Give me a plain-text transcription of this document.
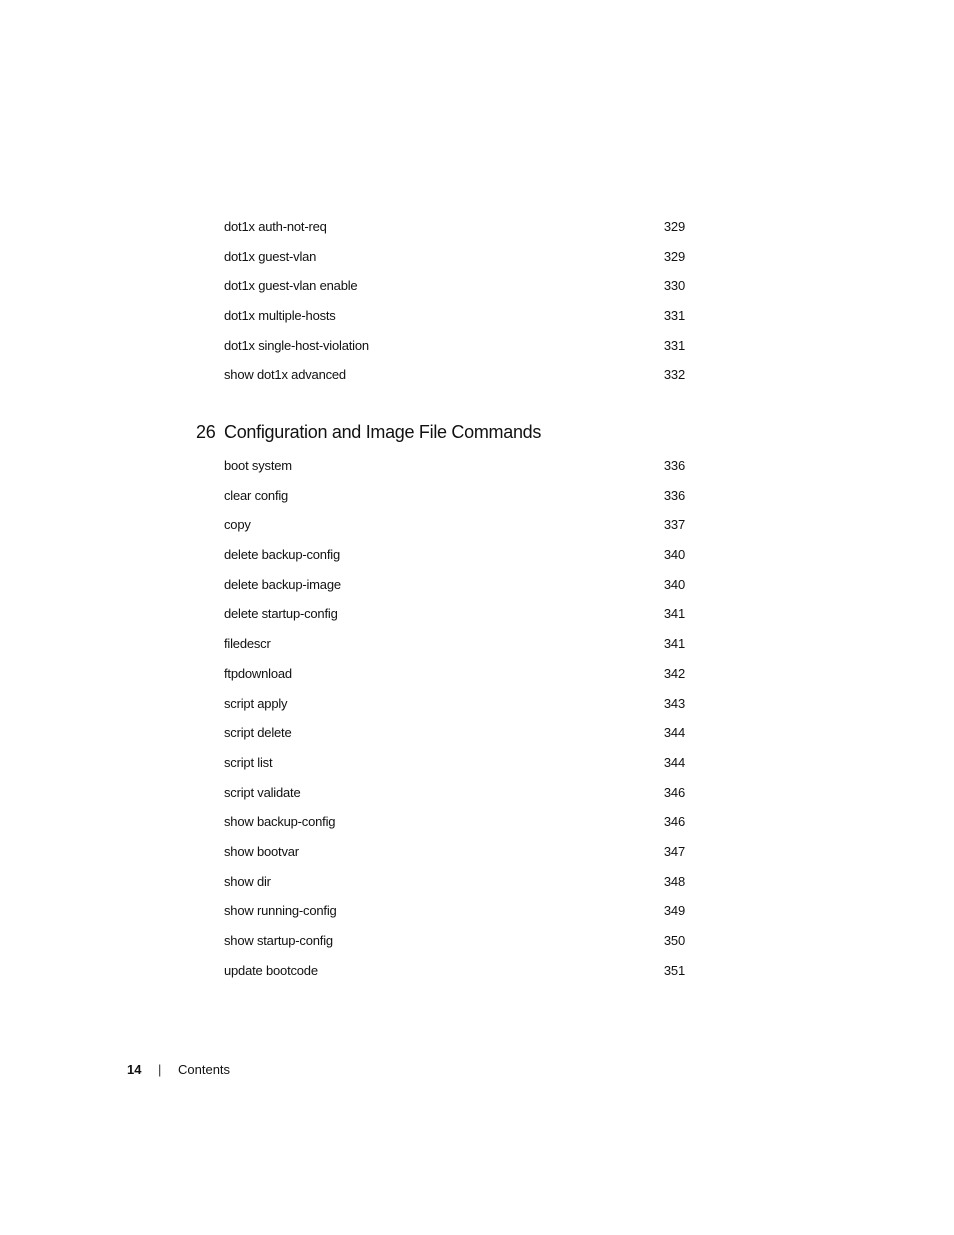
dot1x auth-not-req	329
dot1x guest-vlan	329
dot1x guest-vlan enable	330
dot1x multiple-hosts	331
dot1x single-host-violation	331
show dot1x advanced	332
26 Configuration and Image File Commands
boot system	336
clear config	336
copy	337
delete backup-config	340
delete backup-image	340
delete startup-config	341
filedescr	341
ftpdownload	342
script apply	343
script delete	344
script list	344
script validate	346
show backup-config	346
show bootvar	347
show dir	348
show running-config	349
show startup-config	350
update bootcode	351
14	|	Contents
